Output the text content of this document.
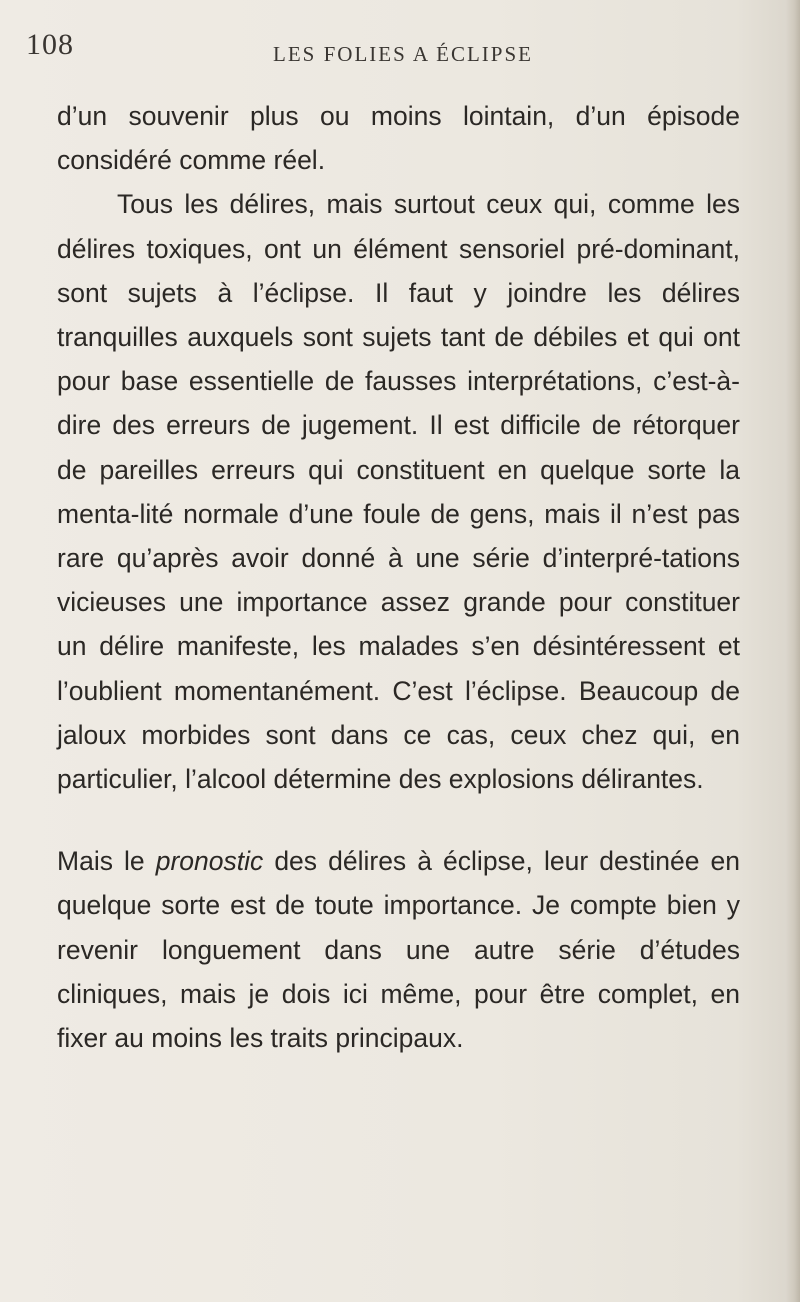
108	LES FOLIES A ÉCLIPSE

d’un souvenir plus ou moins lointain, d’un épisode considéré comme réel.

Tous les délires, mais surtout ceux qui, comme les délires toxiques, ont un élément sensoriel pré-dominant, sont sujets à l’éclipse. Il faut y joindre les délires tranquilles auxquels sont sujets tant de débiles et qui ont pour base essentielle de fausses interprétations, c’est-à-dire des erreurs de jugement. Il est difficile de rétorquer de pareilles erreurs qui constituent en quelque sorte la menta-lité normale d’une foule de gens, mais il n’est pas rare qu’après avoir donné à une série d’interpré-tations vicieuses une importance assez grande pour constituer un délire manifeste, les malades s’en désintéressent et l’oublient momentanément. C’est l’éclipse. Beaucoup de jaloux morbides sont dans ce cas, ceux chez qui, en particulier, l’alcool détermine des explosions délirantes.

Mais le pronostic des délires à éclipse, leur destinée en quelque sorte est de toute importance. Je compte bien y revenir longuement dans une autre série d’études cliniques, mais je dois ici même, pour être complet, en fixer au moins les traits principaux.
